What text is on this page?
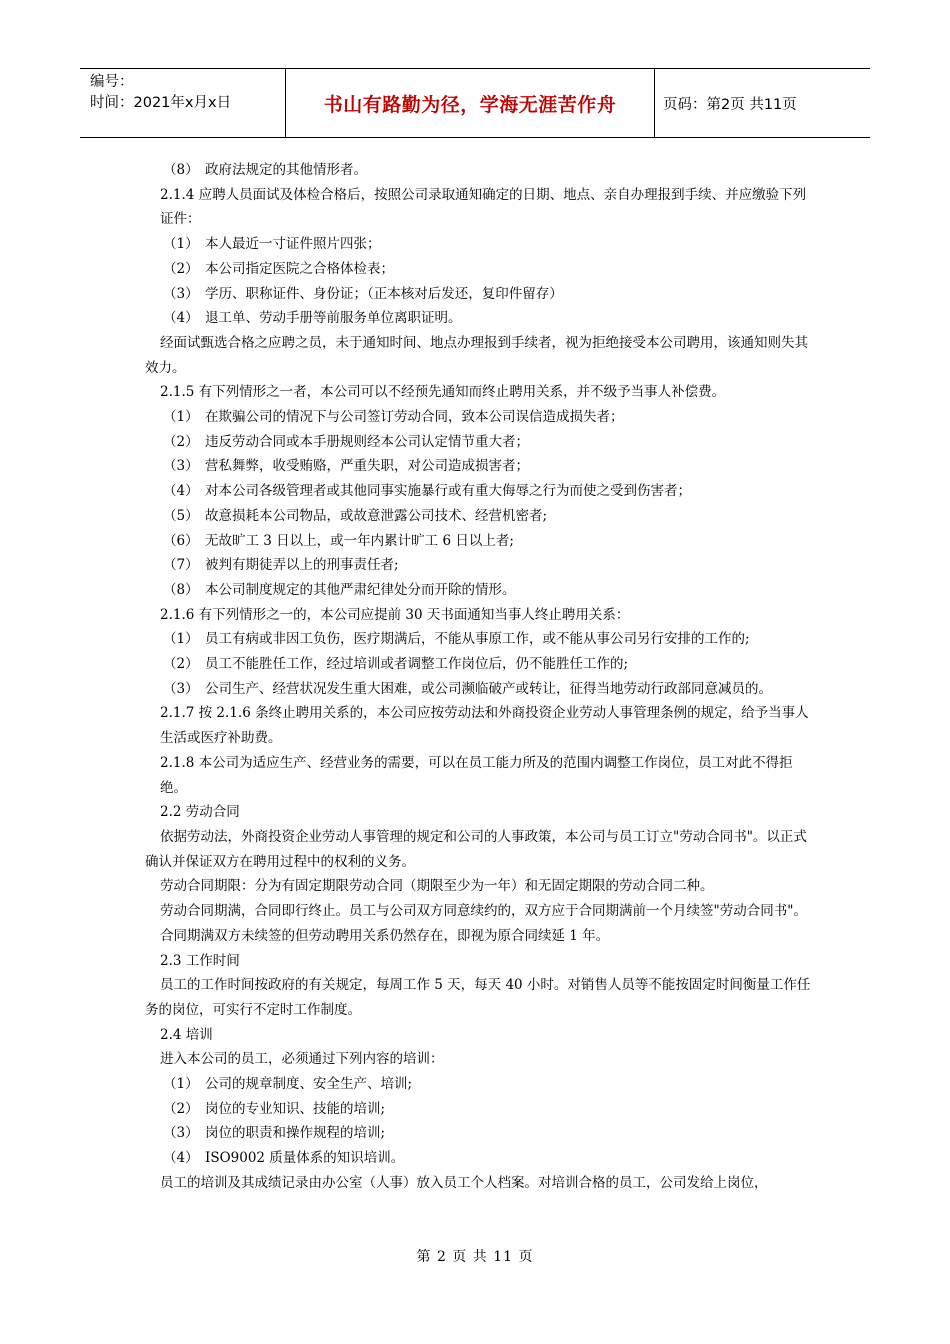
编号：
时间：2021年x月x日	书山有路勤为径，学海无涯苦作舟	页码：第2页 共11页
（8） 政府法规定的其他情形者。
2.1.4 应聘人员面试及体检合格后，按照公司录取通知确定的日期、地点、亲自办理报到手续、并应缴验下列证件：
（1） 本人最近一寸证件照片四张；
（2） 本公司指定医院之合格体检表；
（3） 学历、职称证件、身份证；（正本核对后发还，复印件留存）
（4） 退工单、劳动手册等前服务单位离职证明。
经面试甄选合格之应聘之员，未于通知时间、地点办理报到手续者，视为拒绝接受本公司聘用，该通知则失其效力。
2.1.5 有下列情形之一者，本公司可以不经预先通知而终止聘用关系，并不级予当事人补偿费。
（1） 在欺骗公司的情况下与公司签订劳动合同，致本公司误信造成损失者；
（2） 违反劳动合同或本手册规则经本公司认定情节重大者；
（3） 营私舞弊，收受贿赂，严重失职，对公司造成损害者；
（4） 对本公司各级管理者或其他同事实施暴行或有重大侮辱之行为而使之受到伤害者；
（5） 故意损耗本公司物品，或故意泄露公司技术、经营机密者;
（6） 无故旷工 3 日以上，或一年内累计旷工 6 日以上者;
（7） 被判有期徒弄以上的刑事责任者;
（8） 本公司制度规定的其他严肃纪律处分而开除的情形。
2.1.6 有下列情形之一的，本公司应提前 30 天书面通知当事人终止聘用关系：
（1） 员工有病或非因工负伤，医疗期满后，不能从事原工作，或不能从事公司另行安排的工作的;
（2） 员工不能胜任工作，经过培训或者调整工作岗位后，仍不能胜任工作的;
（3） 公司生产、经营状况发生重大困难，或公司濒临破产或转让，征得当地劳动行政部同意减员的。
2.1.7 按 2.1.6 条终止聘用关系的，本公司应按劳动法和外商投资企业劳动人事管理条例的规定，给予当事人生活或医疗补助费。
2.1.8 本公司为适应生产、经营业务的需要，可以在员工能力所及的范围内调整工作岗位，员工对此不得拒绝。
2.2 劳动合同
依据劳动法，外商投资企业劳动人事管理的规定和公司的人事政策，本公司与员工订立"劳动合同书"。以正式确认并保证双方在聘用过程中的权利的义务。
劳动合同期限：分为有固定期限劳动合同（期限至少为一年）和无固定期限的劳动合同二种。
劳动合同期满，合同即行终止。员工与公司双方同意续约的，双方应于合同期满前一个月续签"劳动合同书"。
合同期满双方未续签的但劳动聘用关系仍然存在，即视为原合同续延 1 年。
2.3 工作时间
员工的工作时间按政府的有关规定，每周工作 5 天，每天 40 小时。对销售人员等不能按固定时间衡量工作任务的岗位，可实行不定时工作制度。
2.4 培训
进入本公司的员工，必须通过下列内容的培训：
（1） 公司的规章制度、安全生产、培训;
（2） 岗位的专业知识、技能的培训;
（3） 岗位的职责和操作规程的培训;
（4） ISO9002 质量体系的知识培训。
员工的培训及其成绩记录由办公室（人事）放入员工个人档案。对培训合格的员工，公司发给上岗位，
第 2 页 共 11 页
